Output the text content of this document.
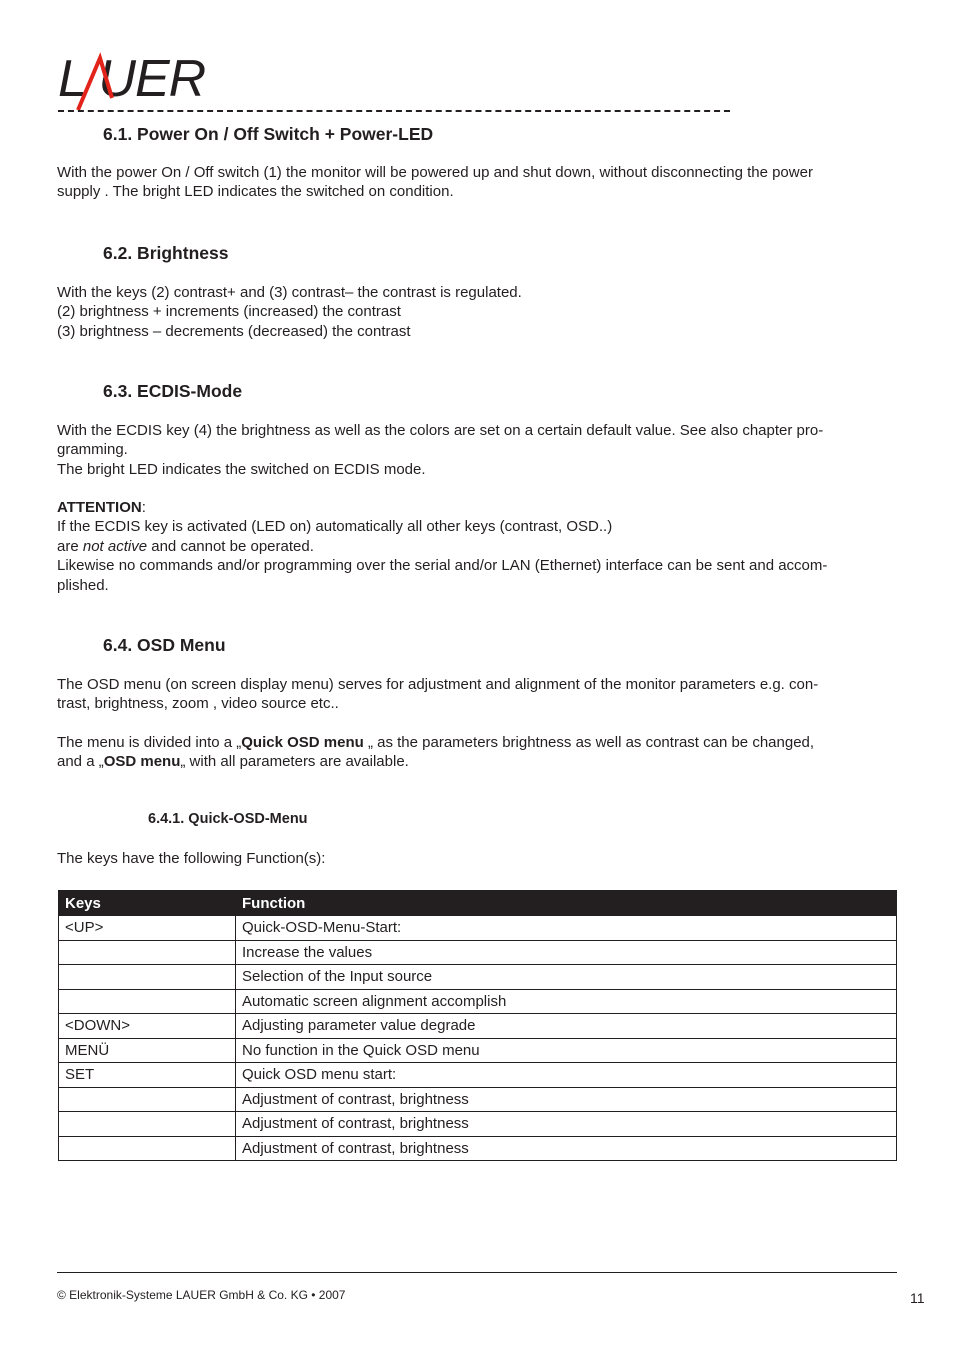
L UER
6.1. Power On / Off Switch + Power-LED
With the power On / Off switch (1) the monitor will be powered up and shut down, without disconnecting the power
supply . The bright LED indicates the switched on condition.
6.2. Brightness
With the keys (2) contrast+ and (3) contrast– the contrast is regulated.
(2) brightness + increments (increased) the contrast
(3) brightness – decrements (decreased) the contrast
6.3. ECDIS-Mode
With the ECDIS key (4) the brightness as well as the colors are set on a certain default value. See also chapter pro-
gramming.
The bright LED indicates the switched on ECDIS mode.
ATTENTION:
If the ECDIS key is activated (LED on) automatically all other keys (contrast, OSD..)
are not active and cannot be operated.
Likewise no commands and/or programming over the serial and/or LAN (Ethernet) interface can be sent and accom-
plished.
6.4. OSD Menu
The OSD menu (on screen display menu) serves for adjustment and alignment of the monitor parameters e.g. con-
trast, brightness, zoom , video source etc..
The menu is divided into a „Quick OSD menu „ as the parameters brightness as well as contrast can be changed,
and a „OSD menu„ with all parameters are available.
6.4.1. Quick-OSD-Menu
The keys have the following Function(s):
Keys	Function
<UP>	Quick-OSD-Menu-Start:
	Increase the values
	Selection of the Input source
	Automatic screen alignment accomplish
<DOWN>	Adjusting parameter value degrade
MENÜ	No function in the Quick OSD menu
SET	Quick OSD menu start:
	Adjustment of contrast, brightness
	Adjustment of contrast, brightness
	Adjustment of contrast, brightness
© Elektronik-Systeme LAUER GmbH & Co. KG • 2007	11
